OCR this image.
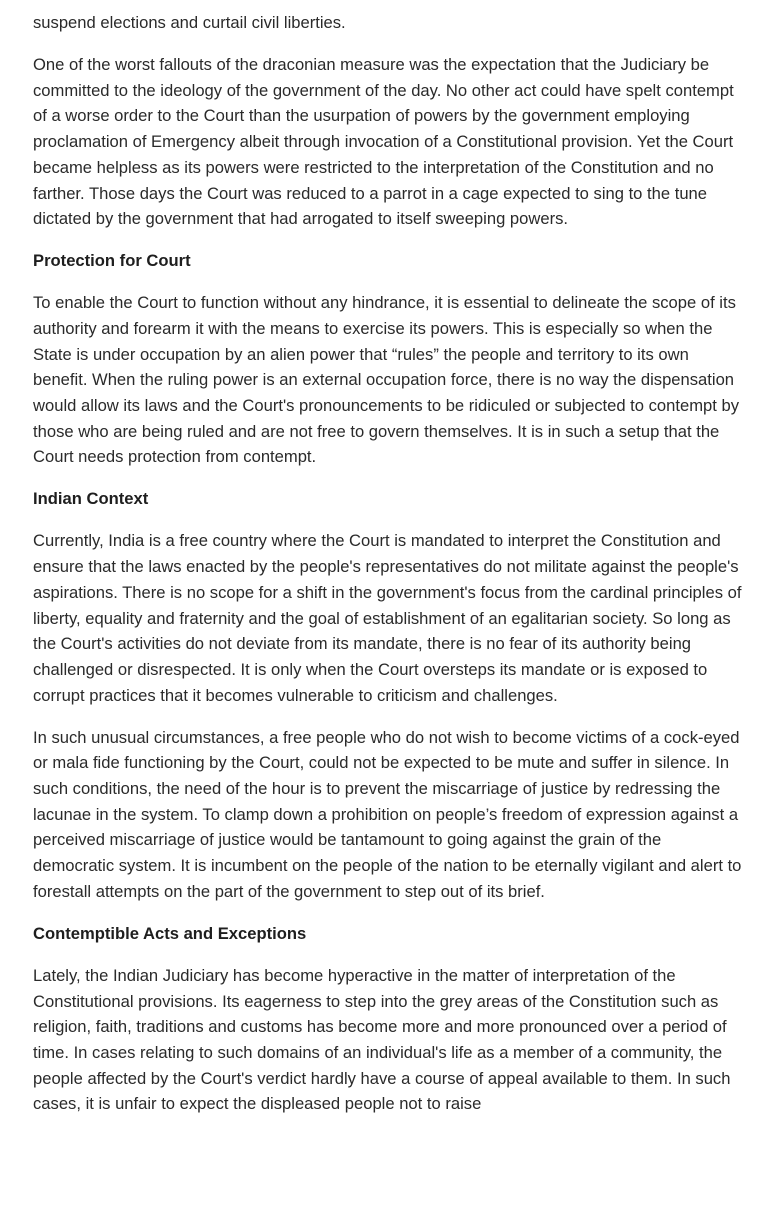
suspend elections and curtail civil liberties.

One of the worst fallouts of the draconian measure was the expectation that the Judiciary be committed to the ideology of the government of the day. No other act could have spelt contempt of a worse order to the Court than the usurpation of powers by the government employing proclamation of Emergency albeit through invocation of a Constitutional provision. Yet the Court became helpless as its powers were restricted to the interpretation of the Constitution and no farther. Those days the Court was reduced to a parrot in a cage expected to sing to the tune dictated by the government that had arrogated to itself sweeping powers.

Protection for Court

To enable the Court to function without any hindrance, it is essential to delineate the scope of its authority and forearm it with the means to exercise its powers. This is especially so when the State is under occupation by an alien power that “rules” the people and territory to its own benefit. When the ruling power is an external occupation force, there is no way the dispensation would allow its laws and the Court's pronouncements to be ridiculed or subjected to contempt by those who are being ruled and are not free to govern themselves. It is in such a setup that the Court needs protection from contempt.

Indian Context

Currently, India is a free country where the Court is mandated to interpret the Constitution and ensure that the laws enacted by the people's representatives do not militate against the people's aspirations. There is no scope for a shift in the government's focus from the cardinal principles of liberty, equality and fraternity and the goal of establishment of an egalitarian society. So long as the Court's activities do not deviate from its mandate, there is no fear of its authority being challenged or disrespected. It is only when the Court oversteps its mandate or is exposed to corrupt practices that it becomes vulnerable to criticism and challenges.

In such unusual circumstances, a free people who do not wish to become victims of a cock-eyed or mala fide functioning by the Court, could not be expected to be mute and suffer in silence. In such conditions, the need of the hour is to prevent the miscarriage of justice by redressing the lacunae in the system. To clamp down a prohibition on people’s freedom of expression against a perceived miscarriage of justice would be tantamount to going against the grain of the democratic system. It is incumbent on the people of the nation to be eternally vigilant and alert to forestall attempts on the part of the government to step out of its brief.

Contemptible Acts and Exceptions

Lately, the Indian Judiciary has become hyperactive in the matter of interpretation of the Constitutional provisions. Its eagerness to step into the grey areas of the Constitution such as religion, faith, traditions and customs has become more and more pronounced over a period of time. In cases relating to such domains of an individual's life as a member of a community, the people affected by the Court's verdict hardly have a course of appeal available to them. In such cases, it is unfair to expect the displeased people not to raise
